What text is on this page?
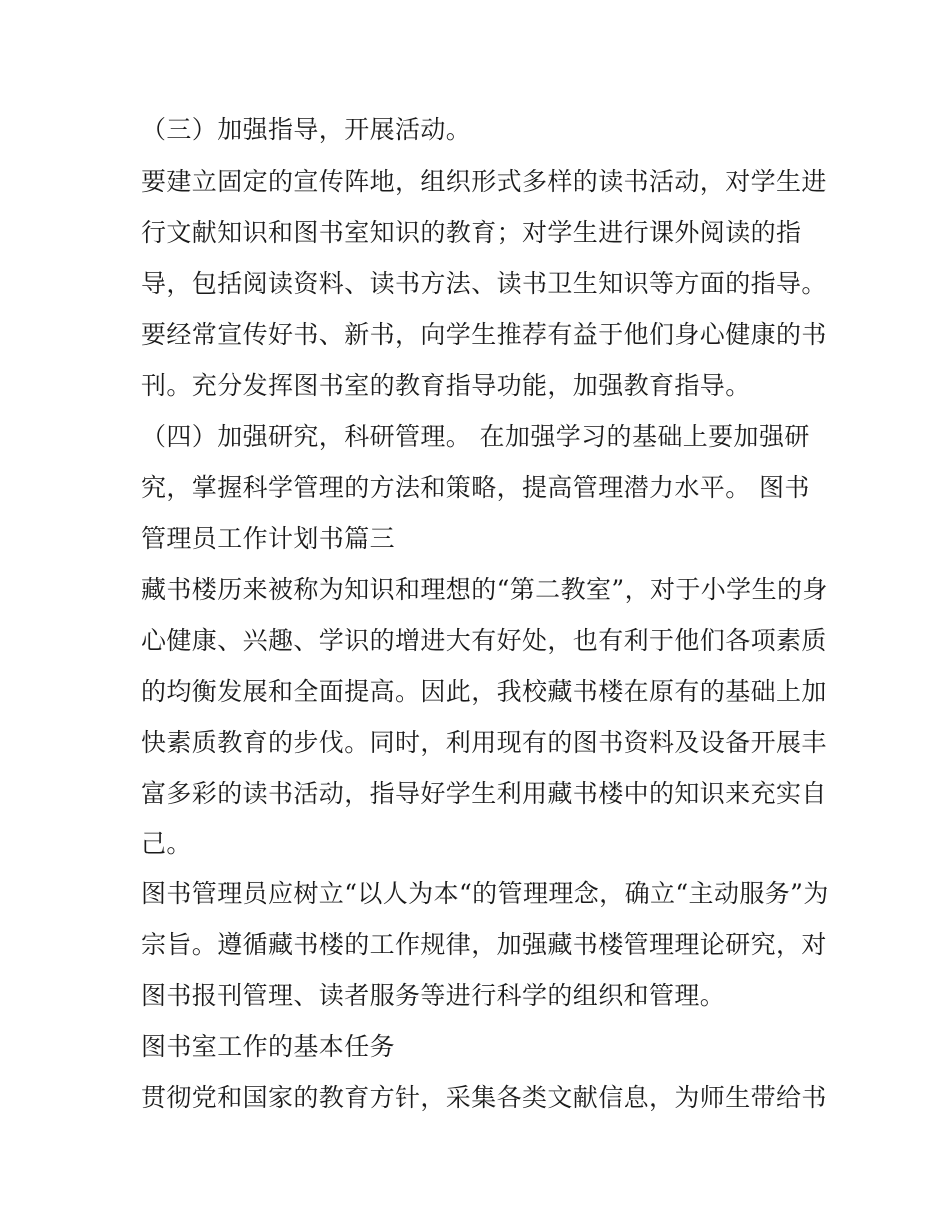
（三）加强指导，开展活动。
要建立固定的宣传阵地，组织形式多样的读书活动，对学生进
行文献知识和图书室知识的教育；对学生进行课外阅读的指
导，包括阅读资料、读书方法、读书卫生知识等方面的指导。
要经常宣传好书、新书，向学生推荐有益于他们身心健康的书
刊。充分发挥图书室的教育指导功能，加强教育指导。
（四）加强研究，科研管理。 在加强学习的基础上要加强研
究，掌握科学管理的方法和策略，提高管理潜力水平。 图书
管理员工作计划书篇三
藏书楼历来被称为知识和理想的“第二教室”，对于小学生的身
心健康、兴趣、学识的增进大有好处，也有利于他们各项素质
的均衡发展和全面提高。因此，我校藏书楼在原有的基础上加
快素质教育的步伐。同时，利用现有的图书资料及设备开展丰
富多彩的读书活动，指导好学生利用藏书楼中的知识来充实自
己。
图书管理员应树立“以人为本“的管理理念，确立“主动服务”为
宗旨。遵循藏书楼的工作规律，加强藏书楼管理理论研究，对
图书报刊管理、读者服务等进行科学的组织和管理。
图书室工作的基本任务
贯彻党和国家的教育方针，采集各类文献信息，为师生带给书
